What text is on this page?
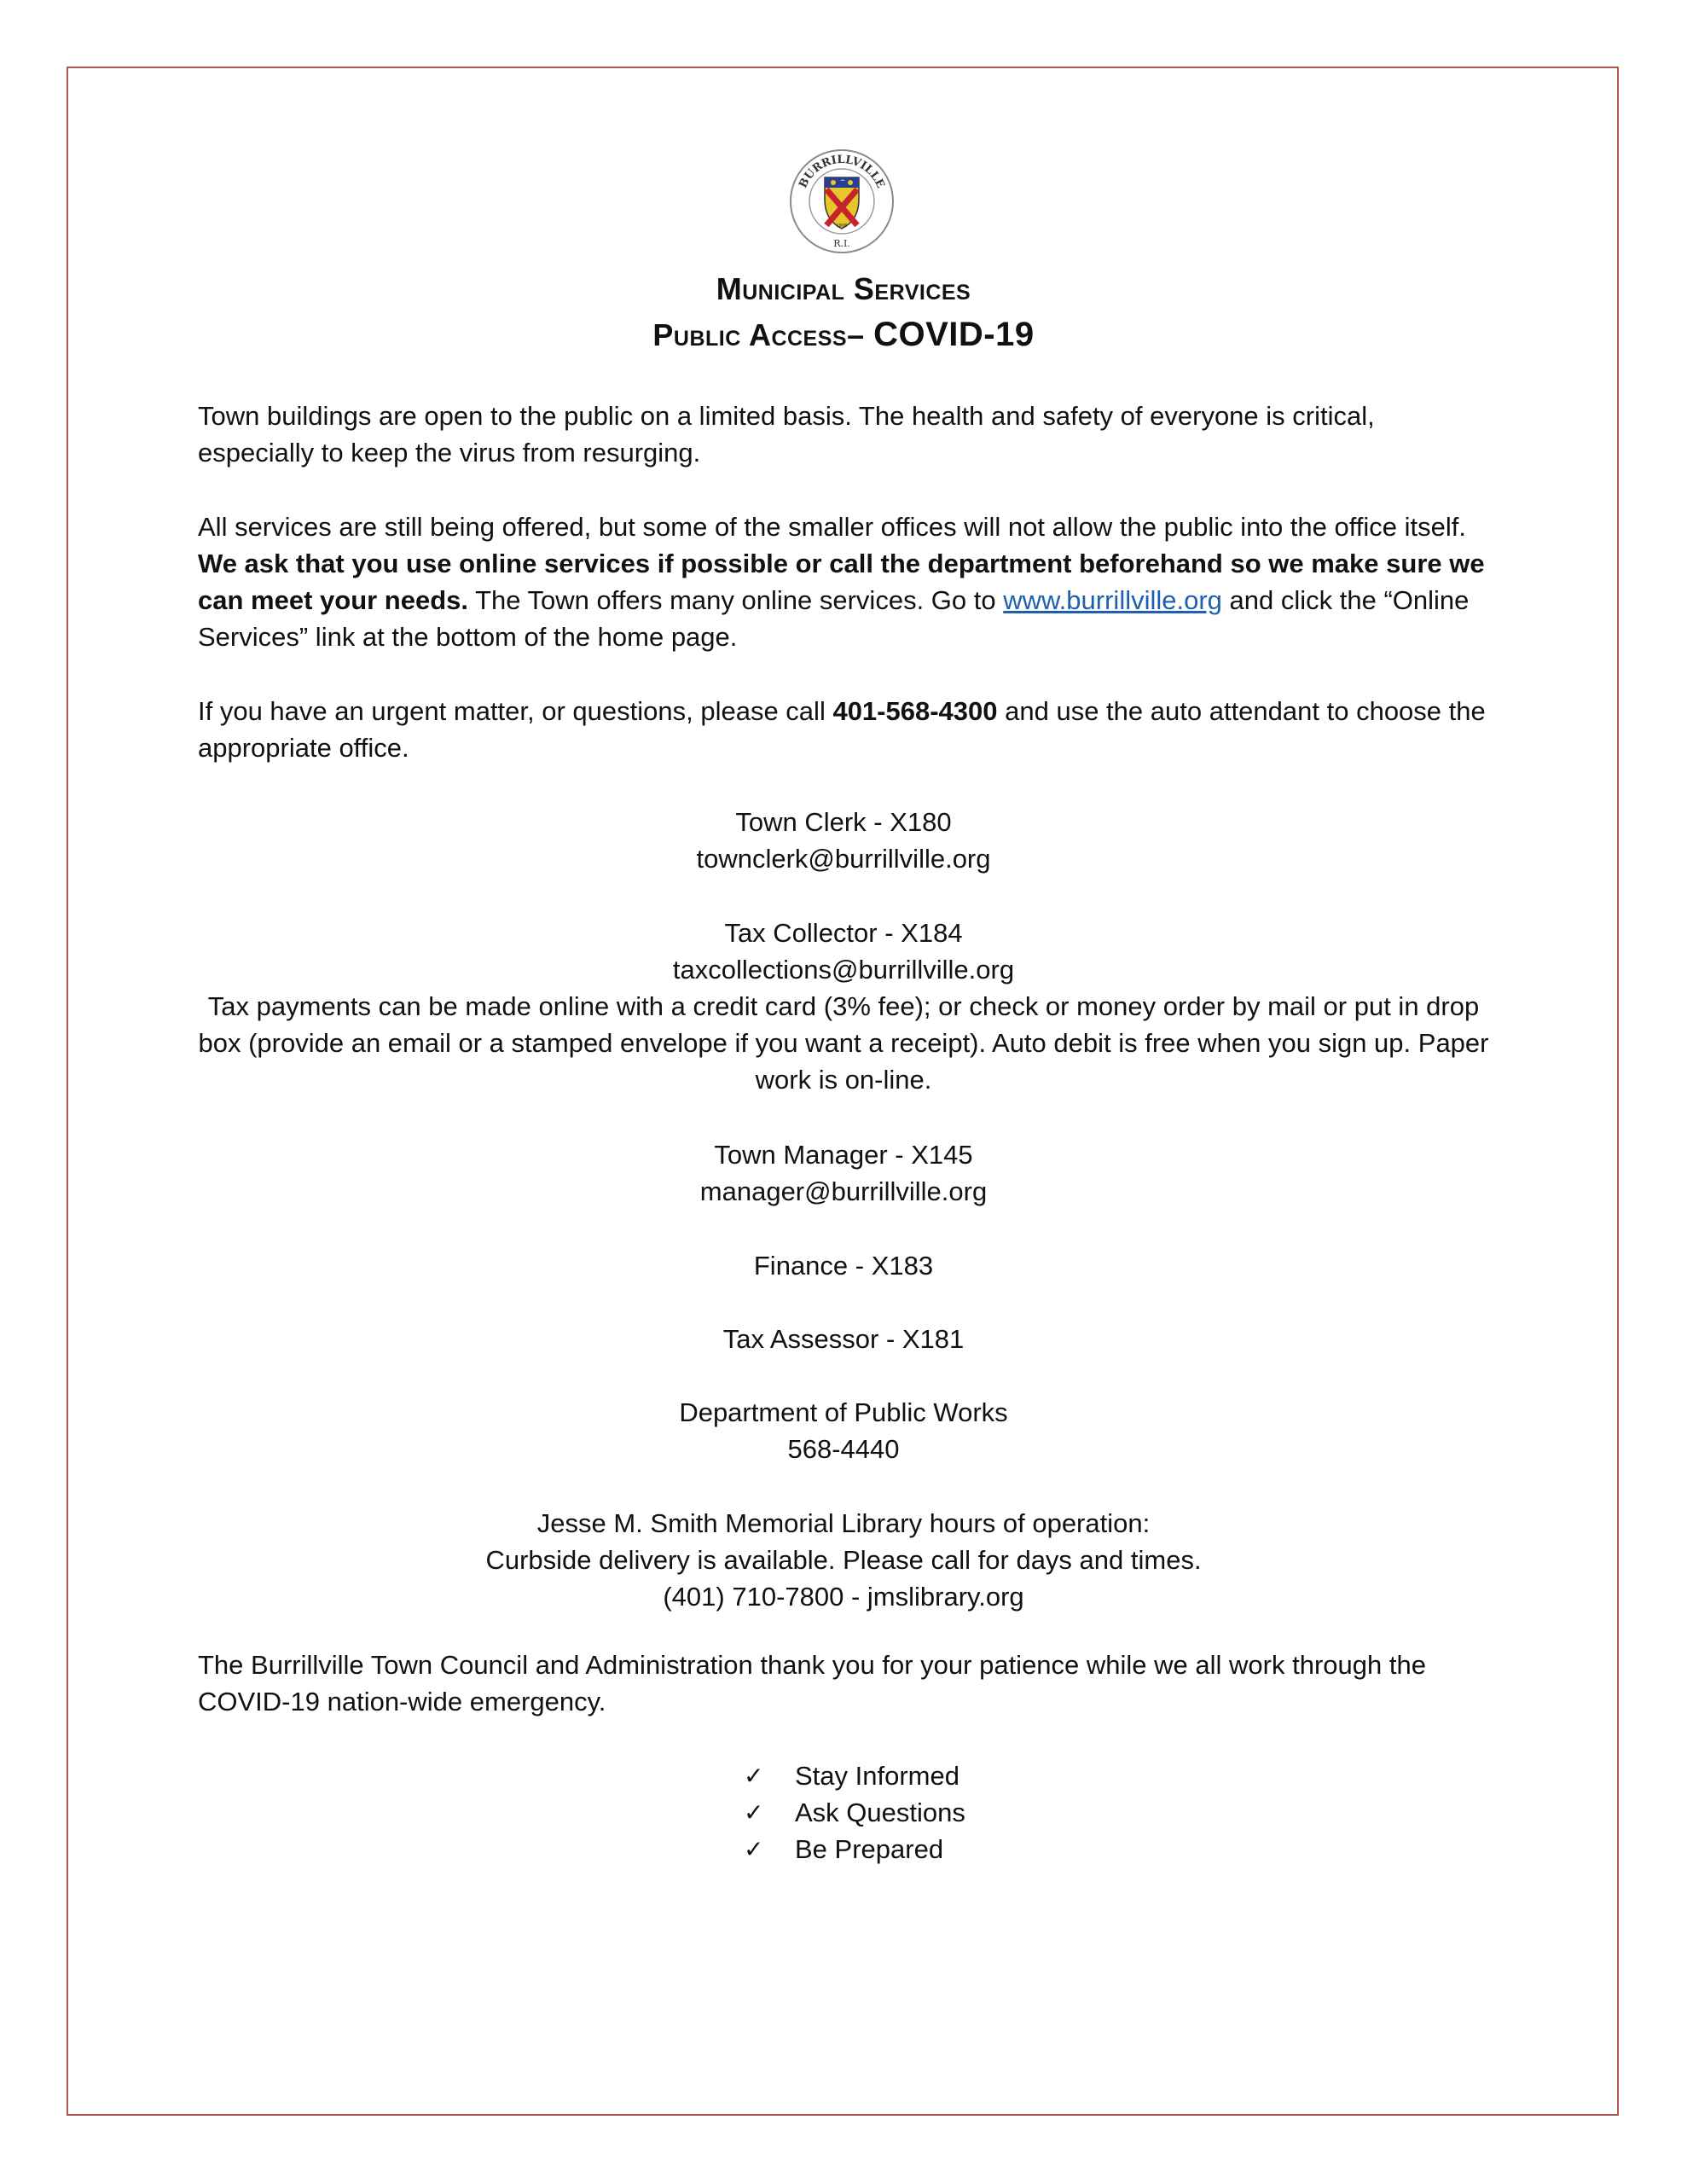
BURRILLVILLE
R.I.
1806
Municipal Services
Public Access– COVID-19

Town buildings are open to the public on a limited basis. The health and safety of everyone is critical, especially to keep the virus from resurging.

All services are still being offered, but some of the smaller offices will not allow the public into the office itself. We ask that you use online services if possible or call the department beforehand so we make sure we can meet your needs. The Town offers many online services. Go to www.burrillville.org and click the “Online Services” link at the bottom of the home page.

If you have an urgent matter, or questions, please call 401-568-4300 and use the auto attendant to choose the appropriate office.

Town Clerk - X180
townclerk@burrillville.org
Tax Collector - X184
taxcollections@burrillville.org
Tax payments can be made online with a credit card (3% fee); or check or money order by mail or put in drop box (provide an email or a stamped envelope if you want a receipt). Auto debit is free when you sign up. Paper work is on-line.
Town Manager - X145
manager@burrillville.org
Finance - X183
Tax Assessor - X181
Department of Public Works
568-4440
Jesse M. Smith Memorial Library hours of operation:
Curbside delivery is available. Please call for days and times.
(401) 710-7800 - jmslibrary.org

The Burrillville Town Council and Administration thank you for your patience while we all work through the COVID-19 nation-wide emergency.

✓	Stay Informed
✓	Ask Questions
✓	Be Prepared
